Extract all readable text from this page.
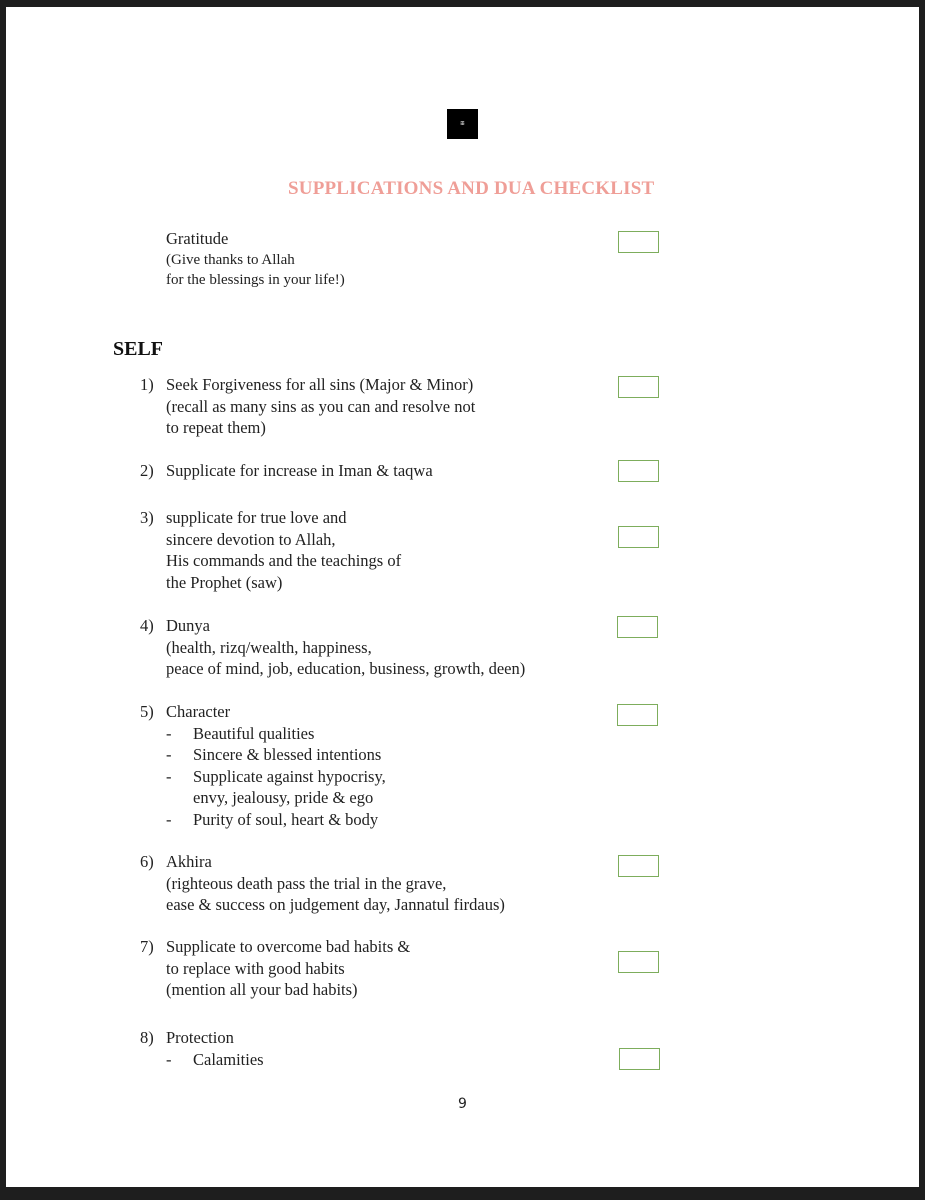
ꕥ
SUPPLICATIONS AND DUA CHECKLIST
Gratitude
(Give thanks to Allah
for the blessings in your life!)
SELF
1) Seek Forgiveness for all sins (Major & Minor)
(recall as many sins as you can and resolve not
to repeat them)
2) Supplicate for increase in Iman & taqwa
3) supplicate for true love and
sincere devotion to Allah,
His commands and the teachings of
the Prophet (saw)
4) Dunya
(health, rizq/wealth, happiness,
peace of mind, job, education, business, growth, deen)
5) Character
- Beautiful qualities
- Sincere & blessed intentions
- Supplicate against hypocrisy,
envy, jealousy, pride & ego
- Purity of soul, heart & body
6) Akhira
(righteous death pass the trial in the grave,
ease & success on judgement day, Jannatul firdaus)
7) Supplicate to overcome bad habits &
to replace with good habits
(mention all your bad habits)
8) Protection
- Calamities
9
